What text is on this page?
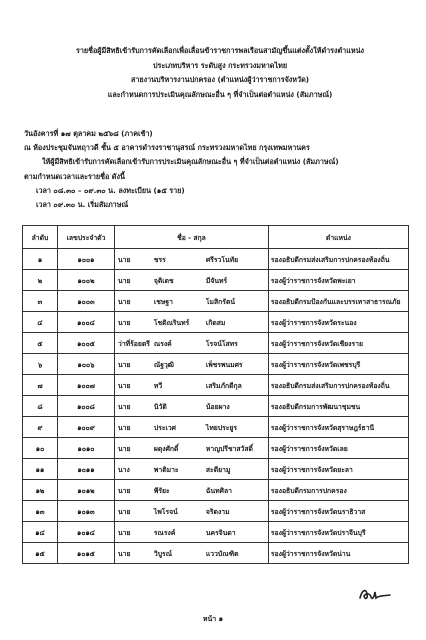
รายชื่อผู้มีสิทธิเข้ารับการคัดเลือกเพื่อเลื่อนข้าราชการพลเรือนสามัญขึ้นแต่งตั้งให้ดำรงตำแหน่ง
ประเภทบริหาร ระดับสูง กระทรวงมหาดไทย
สายงานบริหารงานปกครอง (ตำแหน่งผู้ว่าราชการจังหวัด)
และกำหนดการประเมินคุณลักษณะอื่น ๆ ที่จำเป็นต่อตำแหน่ง (สัมภาษณ์)
วันอังคารที่ ๑๗ ตุลาคม ๒๕๖๘ (ภาคเช้า)
ณ ห้องประชุมจันทฤาวดี ชั้น ๕ อาคารดำรงราชานุสรณ์ กระทรวงมหาดไทย กรุงเทพมหานคร
ให้ผู้มีสิทธิเข้ารับการคัดเลือกเข้ารับการประเมินคุณลักษณะอื่น ๆ ที่จำเป็นต่อตำแหน่ง (สัมภาษณ์)
ตามกำหนดเวลาและรายชื่อ ดังนี้
เวลา ๐๘.๓๐ – ๐๙.๓๐ น. ลงทะเบียน (๑๕ ราย)
เวลา ๐๙.๓๐ น. เริ่มสัมภาษณ์
ลำดับ	เลขประจำตัว	ชื่อ - สกุล			ตำแหน่ง
๑	๑๐๐๑	นาย	ชรร	ศรีรวโนทัย	รองอธิบดีกรมส่งเสริมการปกครองท้องถิ่น
๒	๑๐๐๒	นาย	จุติเดช	มีจันทร์	รองผู้ว่าราชการจังหวัดพะเยา
๓	๑๐๐๓	นาย	เชษฐา	โมสิกรัตน์	รองอธิบดีกรมป้องกันและบรรเทาสาธารณภัย
๔	๑๐๐๔	นาย	โชติณรินทร์	เกิดสม	รองผู้ว่าราชการจังหวัดระนอง
๕	๑๐๐๕	ว่าที่ร้อยตรี	ณรงค์	โรจน์โสทร	รองผู้ว่าราชการจังหวัดเชียงราย
๖	๑๐๐๖	นาย	ณัฐวุฒิ	เพ็ชรพนมศร	รองผู้ว่าราชการจังหวัดเพชรบุรี
๗	๑๐๐๗	นาย	ทวี	เสริมภักดีกุล	รองอธิบดีกรมส่งเสริมการปกครองท้องถิ่น
๘	๑๐๐๘	นาย	นิวัติ	น้อยผาง	รองอธิบดีกรมการพัฒนาชุมชน
๙	๑๐๐๙	นาย	ประเวศ	ไทยประยูร	รองผู้ว่าราชการจังหวัดสุราษฎร์ธานี
๑๐	๑๐๑๐	นาย	ผดุงศักดิ์	หาญปรีชาสวัสดิ์	รองผู้ว่าราชการจังหวัดเลย
๑๑	๑๐๑๑	นาง	พาติมาะ	สะดียามู	รองผู้ว่าราชการจังหวัดยะลา
๑๒	๑๐๑๒	นาย	พีรัยะ	ฉันทศิลา	รองอธิบดีกรมการปกครอง
๑๓	๑๐๑๓	นาย	ไพโรจน์	จริตงาม	รองผู้ว่าราชการจังหวัดนราธิวาส
๑๔	๑๐๑๔	นาย	รณรงค์	นครจินดา	รองผู้ว่าราชการจังหวัดปราจีนบุรี
๑๕	๑๐๑๕	นาย	วิบูรณ์	แววบัณฑิต	รองผู้ว่าราชการจังหวัดน่าน
หน้า ๑
